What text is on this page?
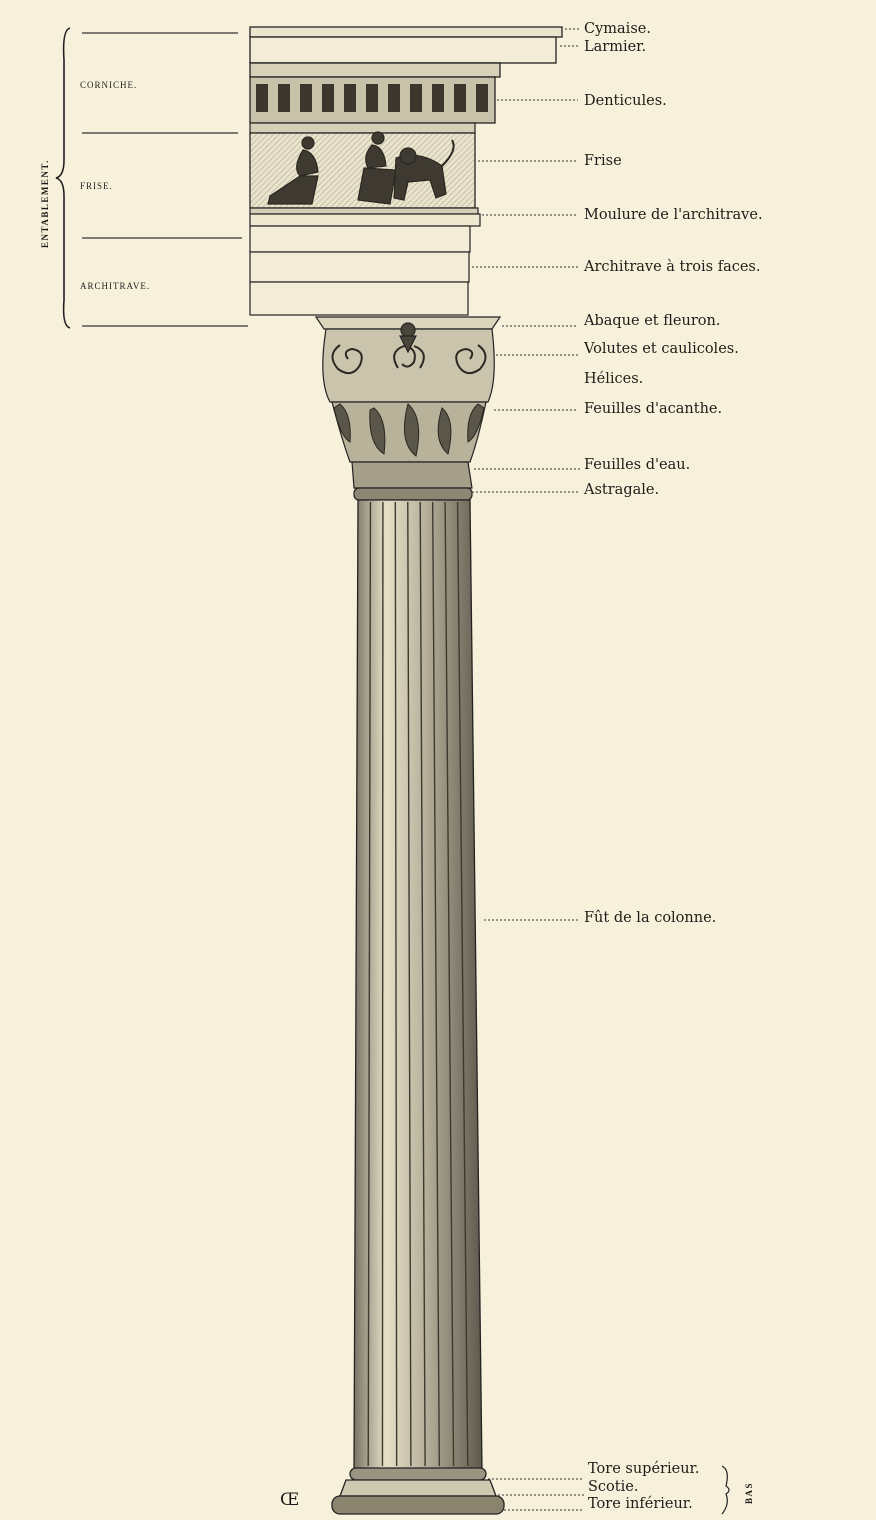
ENTABLEMENT.
CORNICHE.
FRISE.
ARCHITRAVE.
Cymaise.
Larmier.
Denticules.
Frise
Moulure de l'architrave.
Architrave à trois faces.
Abaque et fleuron.
Volutes et caulicoles.
Hélices.
Feuilles d'acanthe.
Feuilles d'eau.
Astragale.
Fût de la colonne.
Tore supérieur.
Scotie.
Tore inférieur.	BAS
Œ
